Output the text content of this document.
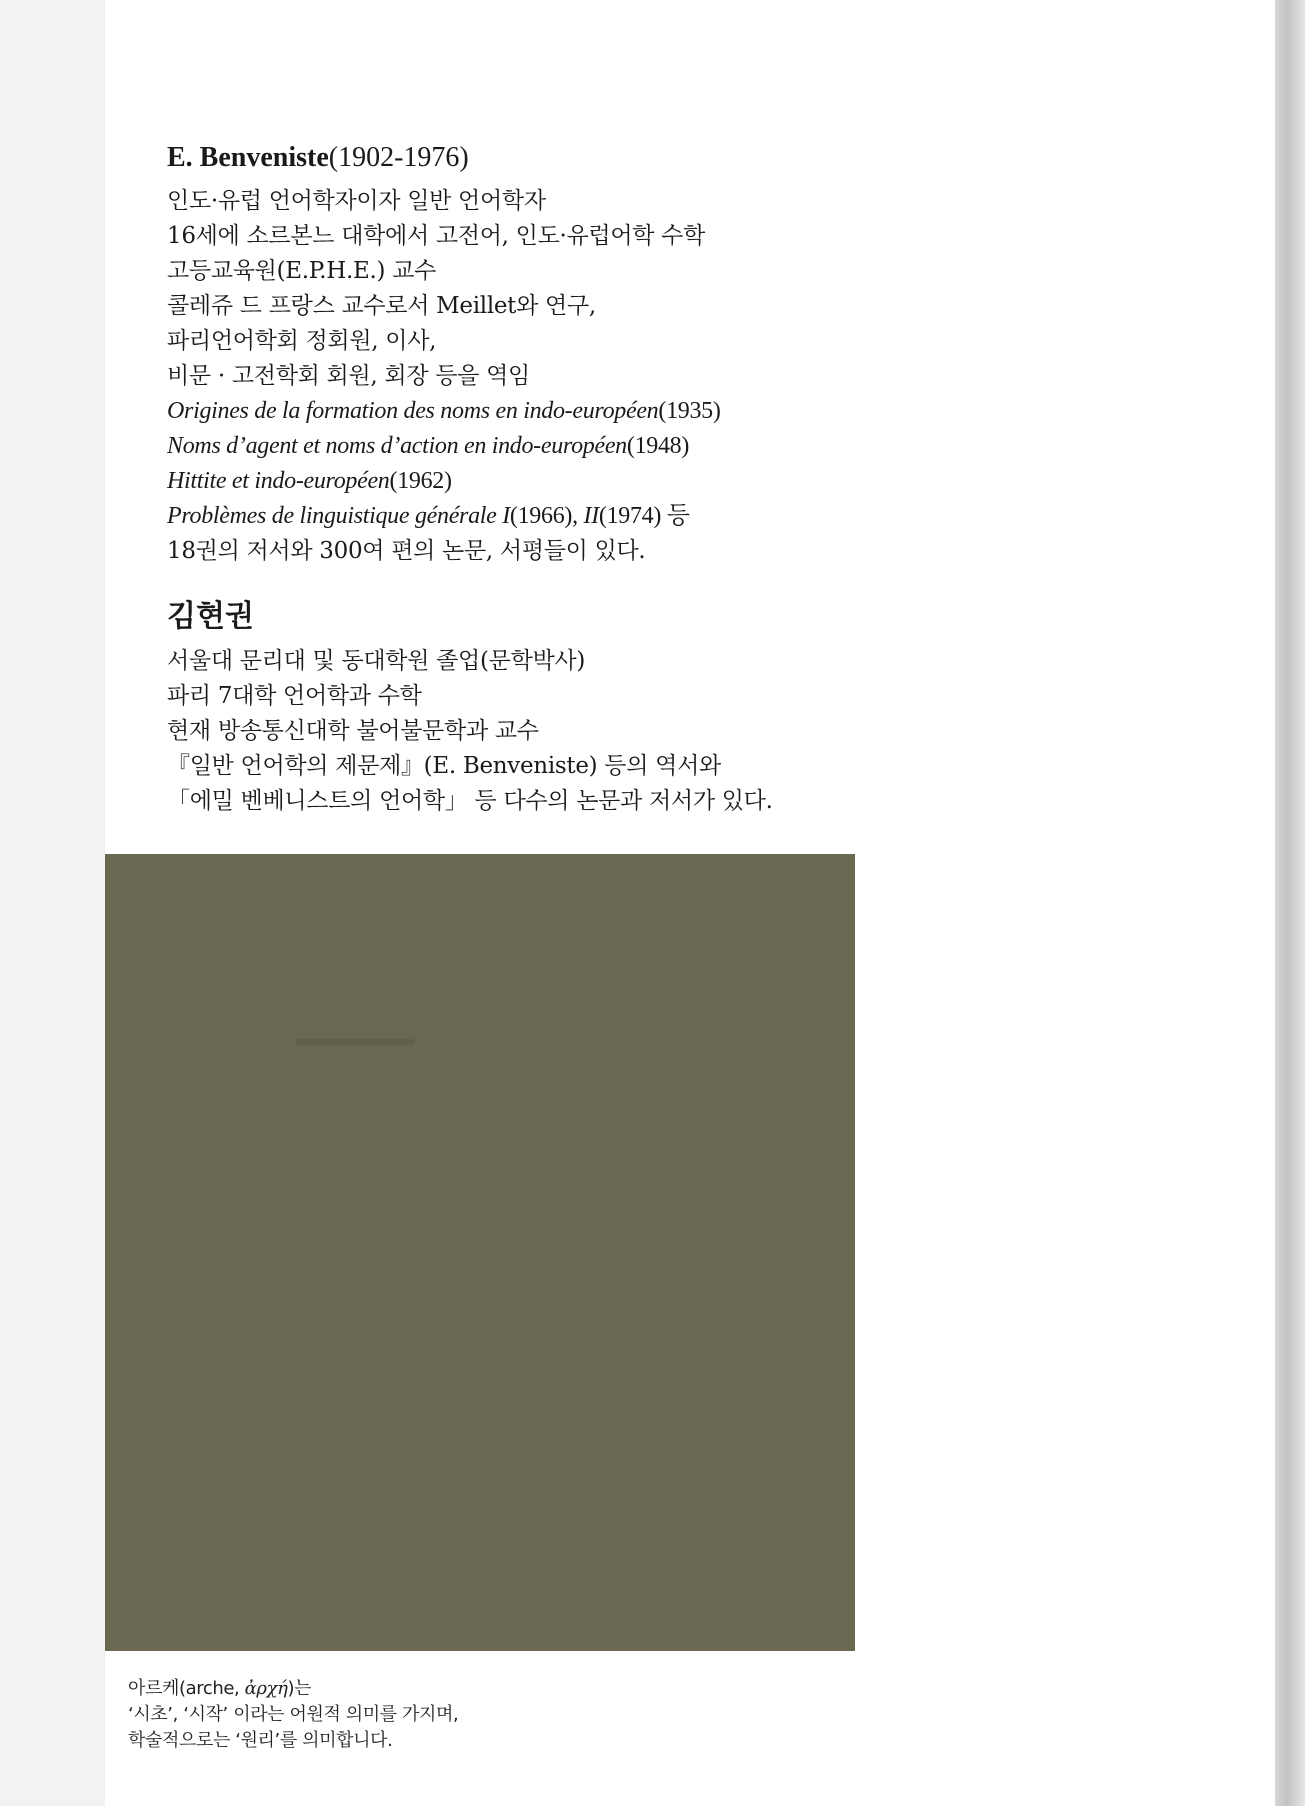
E. Benveniste(1902-1976)
인도·유럽 언어학자이자 일반 언어학자
16세에 소르본느 대학에서 고전어, 인도·유럽어학 수학
고등교육원(E.P.H.E.) 교수
콜레쥬 드 프랑스 교수로서 Meillet와 연구,
파리언어학회 정회원, 이사,
비문 · 고전학회 회원, 회장 등을 역임
Origines de la formation des noms en indo-européen(1935)
Noms d’agent et noms d’action en indo-européen(1948)
Hittite et indo-européen(1962)
Problèmes de linguistique générale I(1966), II(1974) 등
18권의 저서와 300여 편의 논문, 서평들이 있다.
김현권
서울대 문리대 및 동대학원 졸업(문학박사)
파리 7대학 언어학과 수학
현재 방송통신대학 불어불문학과 교수
『일반 언어학의 제문제』(E. Benveniste) 등의 역서와
「에밀 벤베니스트의 언어학」 등 다수의 논문과 저서가 있다.
아르케(arche, ἀρχή)는
‘시초’, ‘시작’ 이라는 어원적 의미를 가지며,
학술적으로는 ‘원리’를 의미합니다.
